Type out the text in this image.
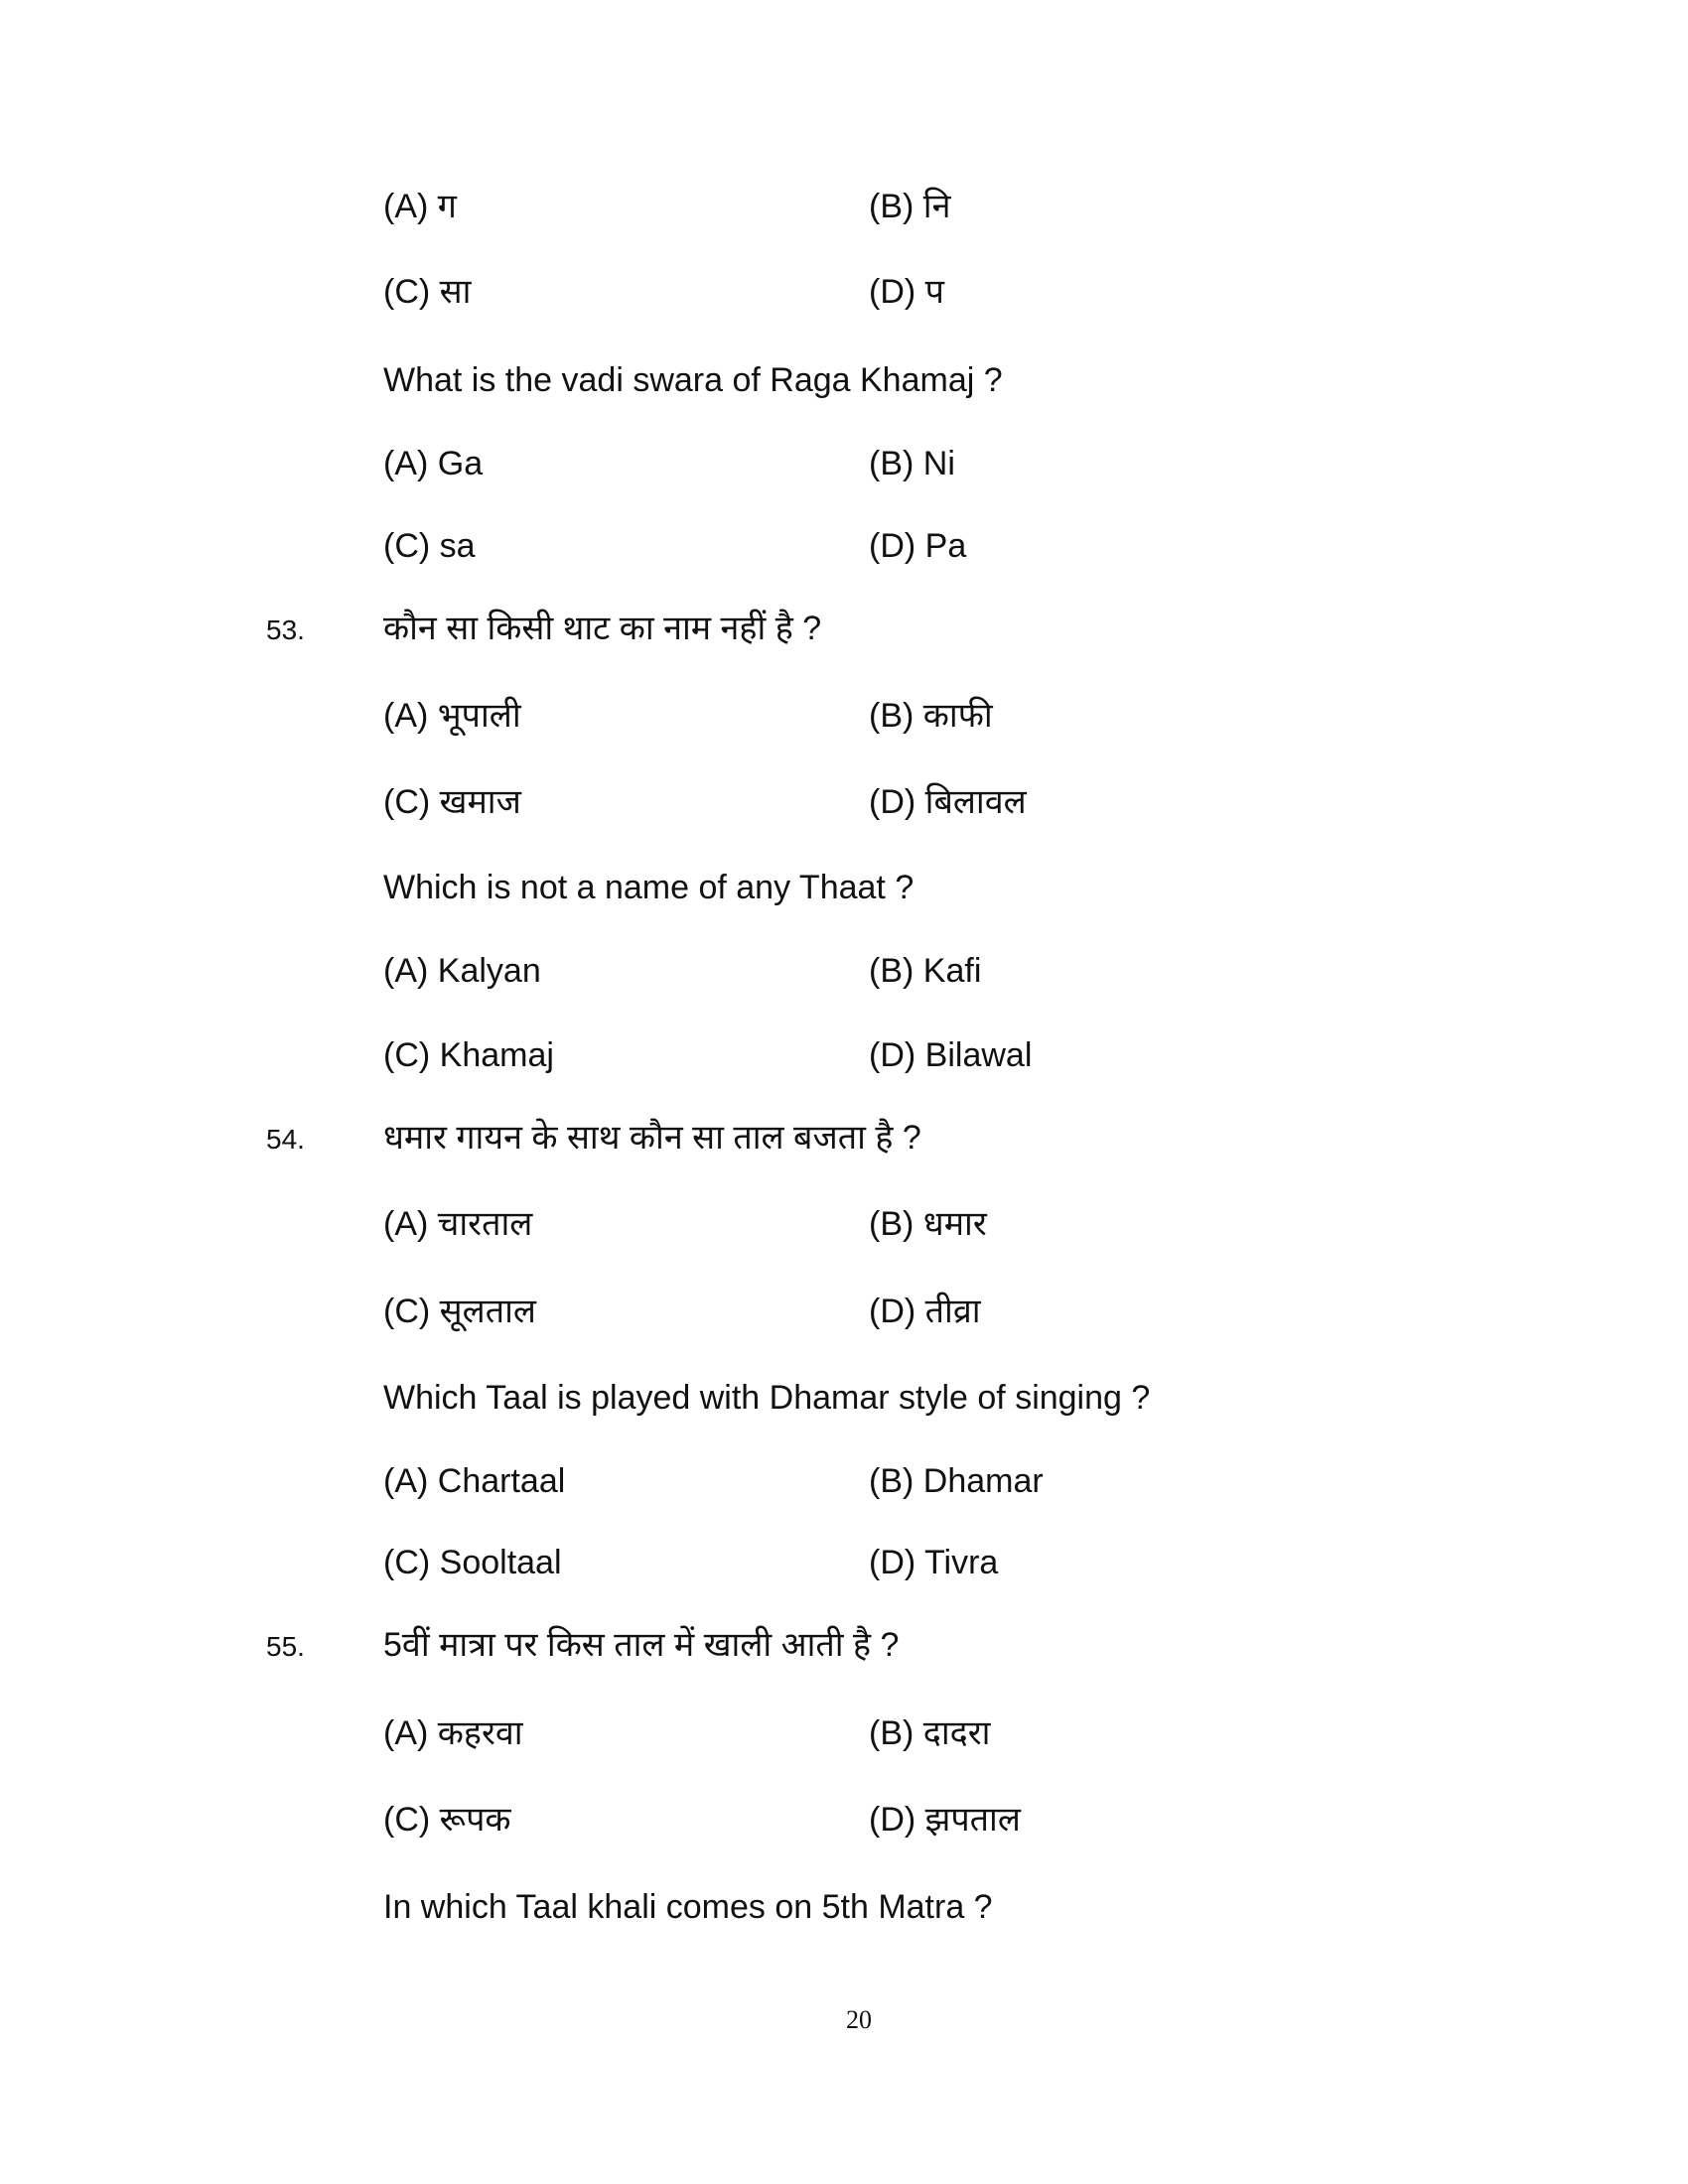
(A) ग	(B) नि
(C) सा	(D) प
What is the vadi swara of Raga Khamaj ?
(A) Ga	(B) Ni
(C) sa	(D) Pa
53. कौन सा किसी थाट का नाम नहीं है ?
(A) भूपाली	(B) काफी
(C) खमाज	(D) बिलावल
Which is not a name of any Thaat ?
(A) Kalyan	(B) Kafi
(C) Khamaj	(D) Bilawal
54. धमार गायन के साथ कौन सा ताल बजता है ?
(A) चारताल	(B) धमार
(C) सूलताल	(D) तीव्रा
Which Taal is played with Dhamar style of singing ?
(A) Chartaal	(B) Dhamar
(C) Sooltaal	(D) Tivra
55. 5वीं मात्रा पर किस ताल में खाली आती है ?
(A) कहरवा	(B) दादरा
(C) रूपक	(D) झपताल
In which Taal khali comes on 5th Matra ?
20
